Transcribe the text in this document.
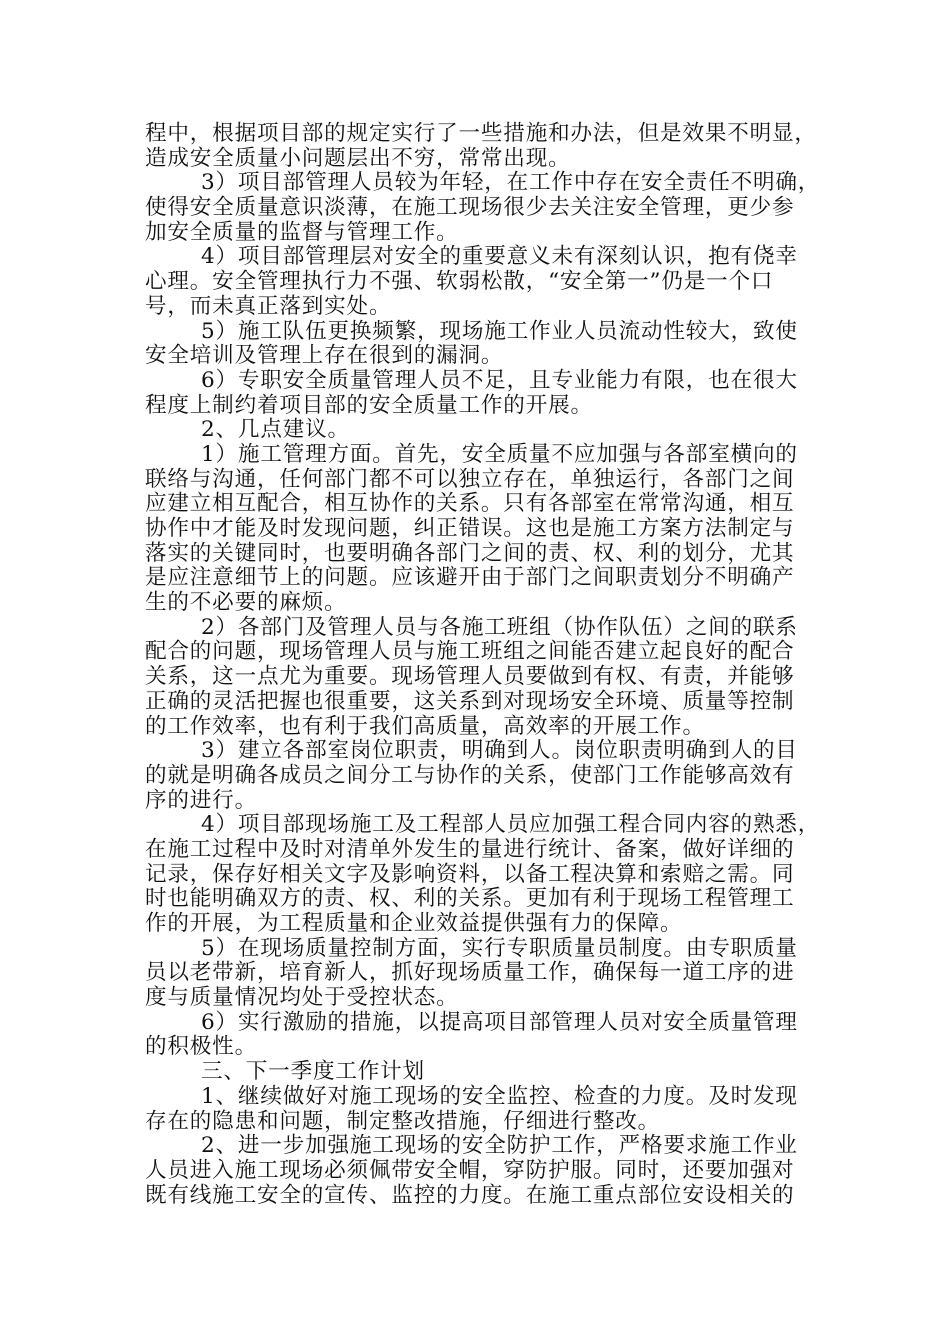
程中，根据项目部的规定实行了一些措施和办法，但是效果不明显，
造成安全质量小问题层出不穷，常常出现。
3）项目部管理人员较为年轻，在工作中存在安全责任不明确，
使得安全质量意识淡薄，在施工现场很少去关注安全管理，更少参
加安全质量的监督与管理工作。
4）项目部管理层对安全的重要意义未有深刻认识，抱有侥幸
心理。安全管理执行力不强、软弱松散，“安全第一”仍是一个口
号，而未真正落到实处。
5）施工队伍更换频繁，现场施工作业人员流动性较大，致使
安全培训及管理上存在很到的漏洞。
6）专职安全质量管理人员不足，且专业能力有限，也在很大
程度上制约着项目部的安全质量工作的开展。
2、几点建议。
1）施工管理方面。首先，安全质量不应加强与各部室横向的
联络与沟通，任何部门都不可以独立存在，单独运行，各部门之间
应建立相互配合，相互协作的关系。只有各部室在常常沟通，相互
协作中才能及时发现问题，纠正错误。这也是施工方案方法制定与
落实的关键同时，也要明确各部门之间的责、权、利的划分，尤其
是应注意细节上的问题。应该避开由于部门之间职责划分不明确产
生的不必要的麻烦。
2）各部门及管理人员与各施工班组（协作队伍）之间的联系
配合的问题，现场管理人员与施工班组之间能否建立起良好的配合
关系，这一点尤为重要。现场管理人员要做到有权、有责，并能够
正确的灵活把握也很重要，这关系到对现场安全环境、质量等控制
的工作效率，也有利于我们高质量，高效率的开展工作。
3）建立各部室岗位职责，明确到人。岗位职责明确到人的目
的就是明确各成员之间分工与协作的关系，使部门工作能够高效有
序的进行。
4）项目部现场施工及工程部人员应加强工程合同内容的熟悉，
在施工过程中及时对清单外发生的量进行统计、备案，做好详细的
记录，保存好相关文字及影响资料，以备工程决算和索赔之需。同
时也能明确双方的责、权、利的关系。更加有利于现场工程管理工
作的开展，为工程质量和企业效益提供强有力的保障。
5）在现场质量控制方面，实行专职质量员制度。由专职质量
员以老带新，培育新人，抓好现场质量工作，确保每一道工序的进
度与质量情况均处于受控状态。
6）实行激励的措施，以提高项目部管理人员对安全质量管理
的积极性。
三、下一季度工作计划
1、继续做好对施工现场的安全监控、检查的力度。及时发现
存在的隐患和问题，制定整改措施，仔细进行整改。
2、进一步加强施工现场的安全防护工作，严格要求施工作业
人员进入施工现场必须佩带安全帽，穿防护服。同时，还要加强对
既有线施工安全的宣传、监控的力度。在施工重点部位安设相关的
